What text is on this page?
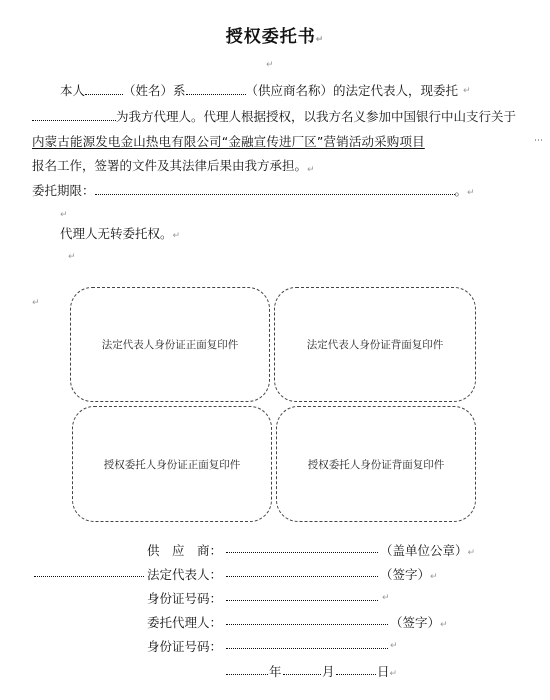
授权委托书↵
↵
本人	（姓名）系	（供应商名称）的法定代表人，现委托 ↵
为我方代理人。代理人根据授权，以我方名义参加中国银行中山支行关于
内蒙古能源发电金山热电有限公司“金融宣传进厂区”营销活动采购项目	⋯
报名工作，签署的文件及其法律后果由我方承担。↵
委托期限：	。↵
↵
代理人无转委托权。↵
↵
↵
法定代表人身份证正面复印件	法定代表人身份证背面复印件
授权委托人身份证正面复印件	授权委托人身份证背面复印件
供　应　商：	（盖单位公章）↵
法定代表人：	（签字）↵
身份证号码：	↵
委托代理人：	（签字）↵
身份证号码：	↵
年	月	日↵
